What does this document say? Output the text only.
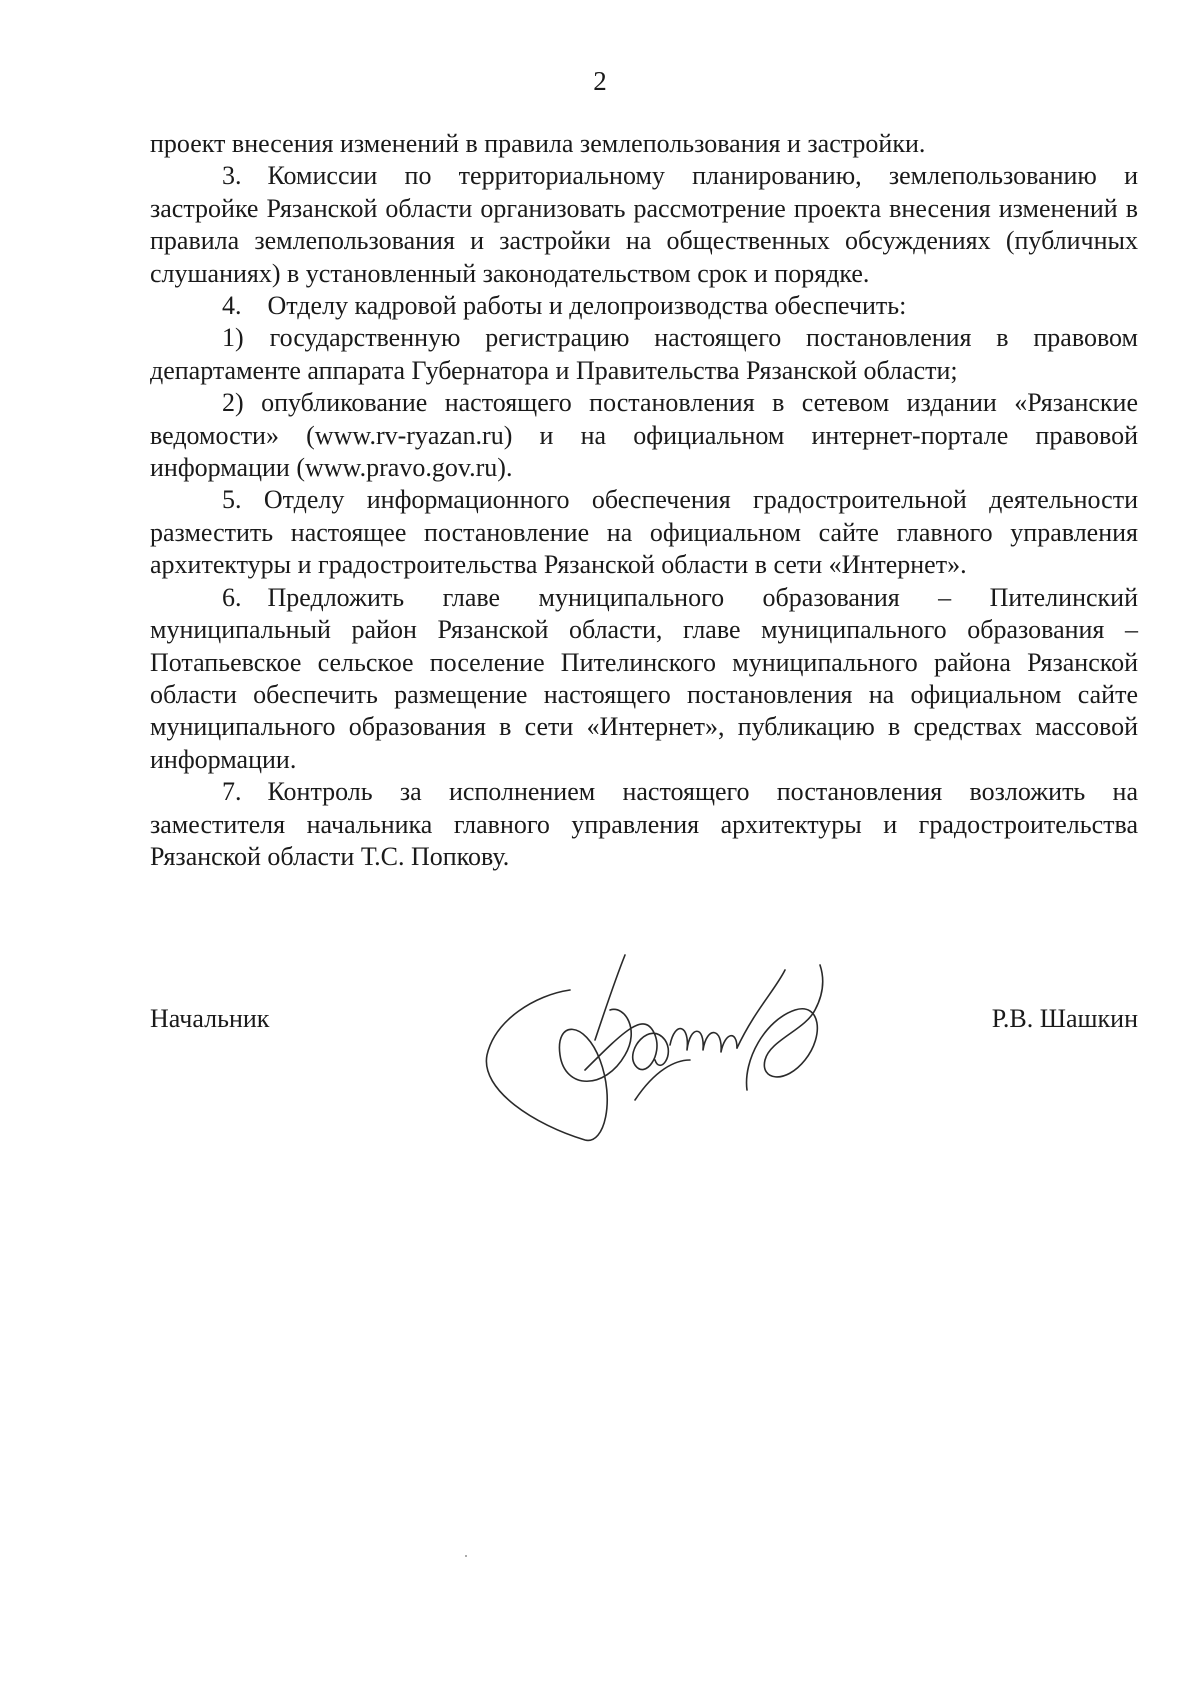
2

проект внесения изменений в правила землепользования и застройки.

3. Комиссии по территориальному планированию, землепользованию и застройке Рязанской области организовать рассмотрение проекта внесения изменений в правила землепользования и застройки на общественных обсуждениях (публичных слушаниях) в установленный законодательством срок и порядке.

4. Отделу кадровой работы и делопроизводства обеспечить:

1) государственную регистрацию настоящего постановления в правовом департаменте аппарата Губернатора и Правительства Рязанской области;

2) опубликование настоящего постановления в сетевом издании «Рязанские ведомости» (www.rv-ryazan.ru) и на официальном интернет-портале правовой информации (www.pravo.gov.ru).

5. Отделу информационного обеспечения градостроительной деятельности разместить настоящее постановление на официальном сайте главного управления архитектуры и градостроительства Рязанской области в сети «Интернет».

6. Предложить главе муниципального образования – Пителинский муниципальный район Рязанской области, главе муниципального образования – Потапьевское сельское поселение Пителинского муниципального района Рязанской области обеспечить размещение настоящего постановления на официальном сайте муниципального образования в сети «Интернет», публикацию в средствах массовой информации.

7. Контроль за исполнением настоящего постановления возложить на заместителя начальника главного управления архитектуры и градостроительства Рязанской области Т.С. Попкову.

Начальник	Р.В. Шашкин
